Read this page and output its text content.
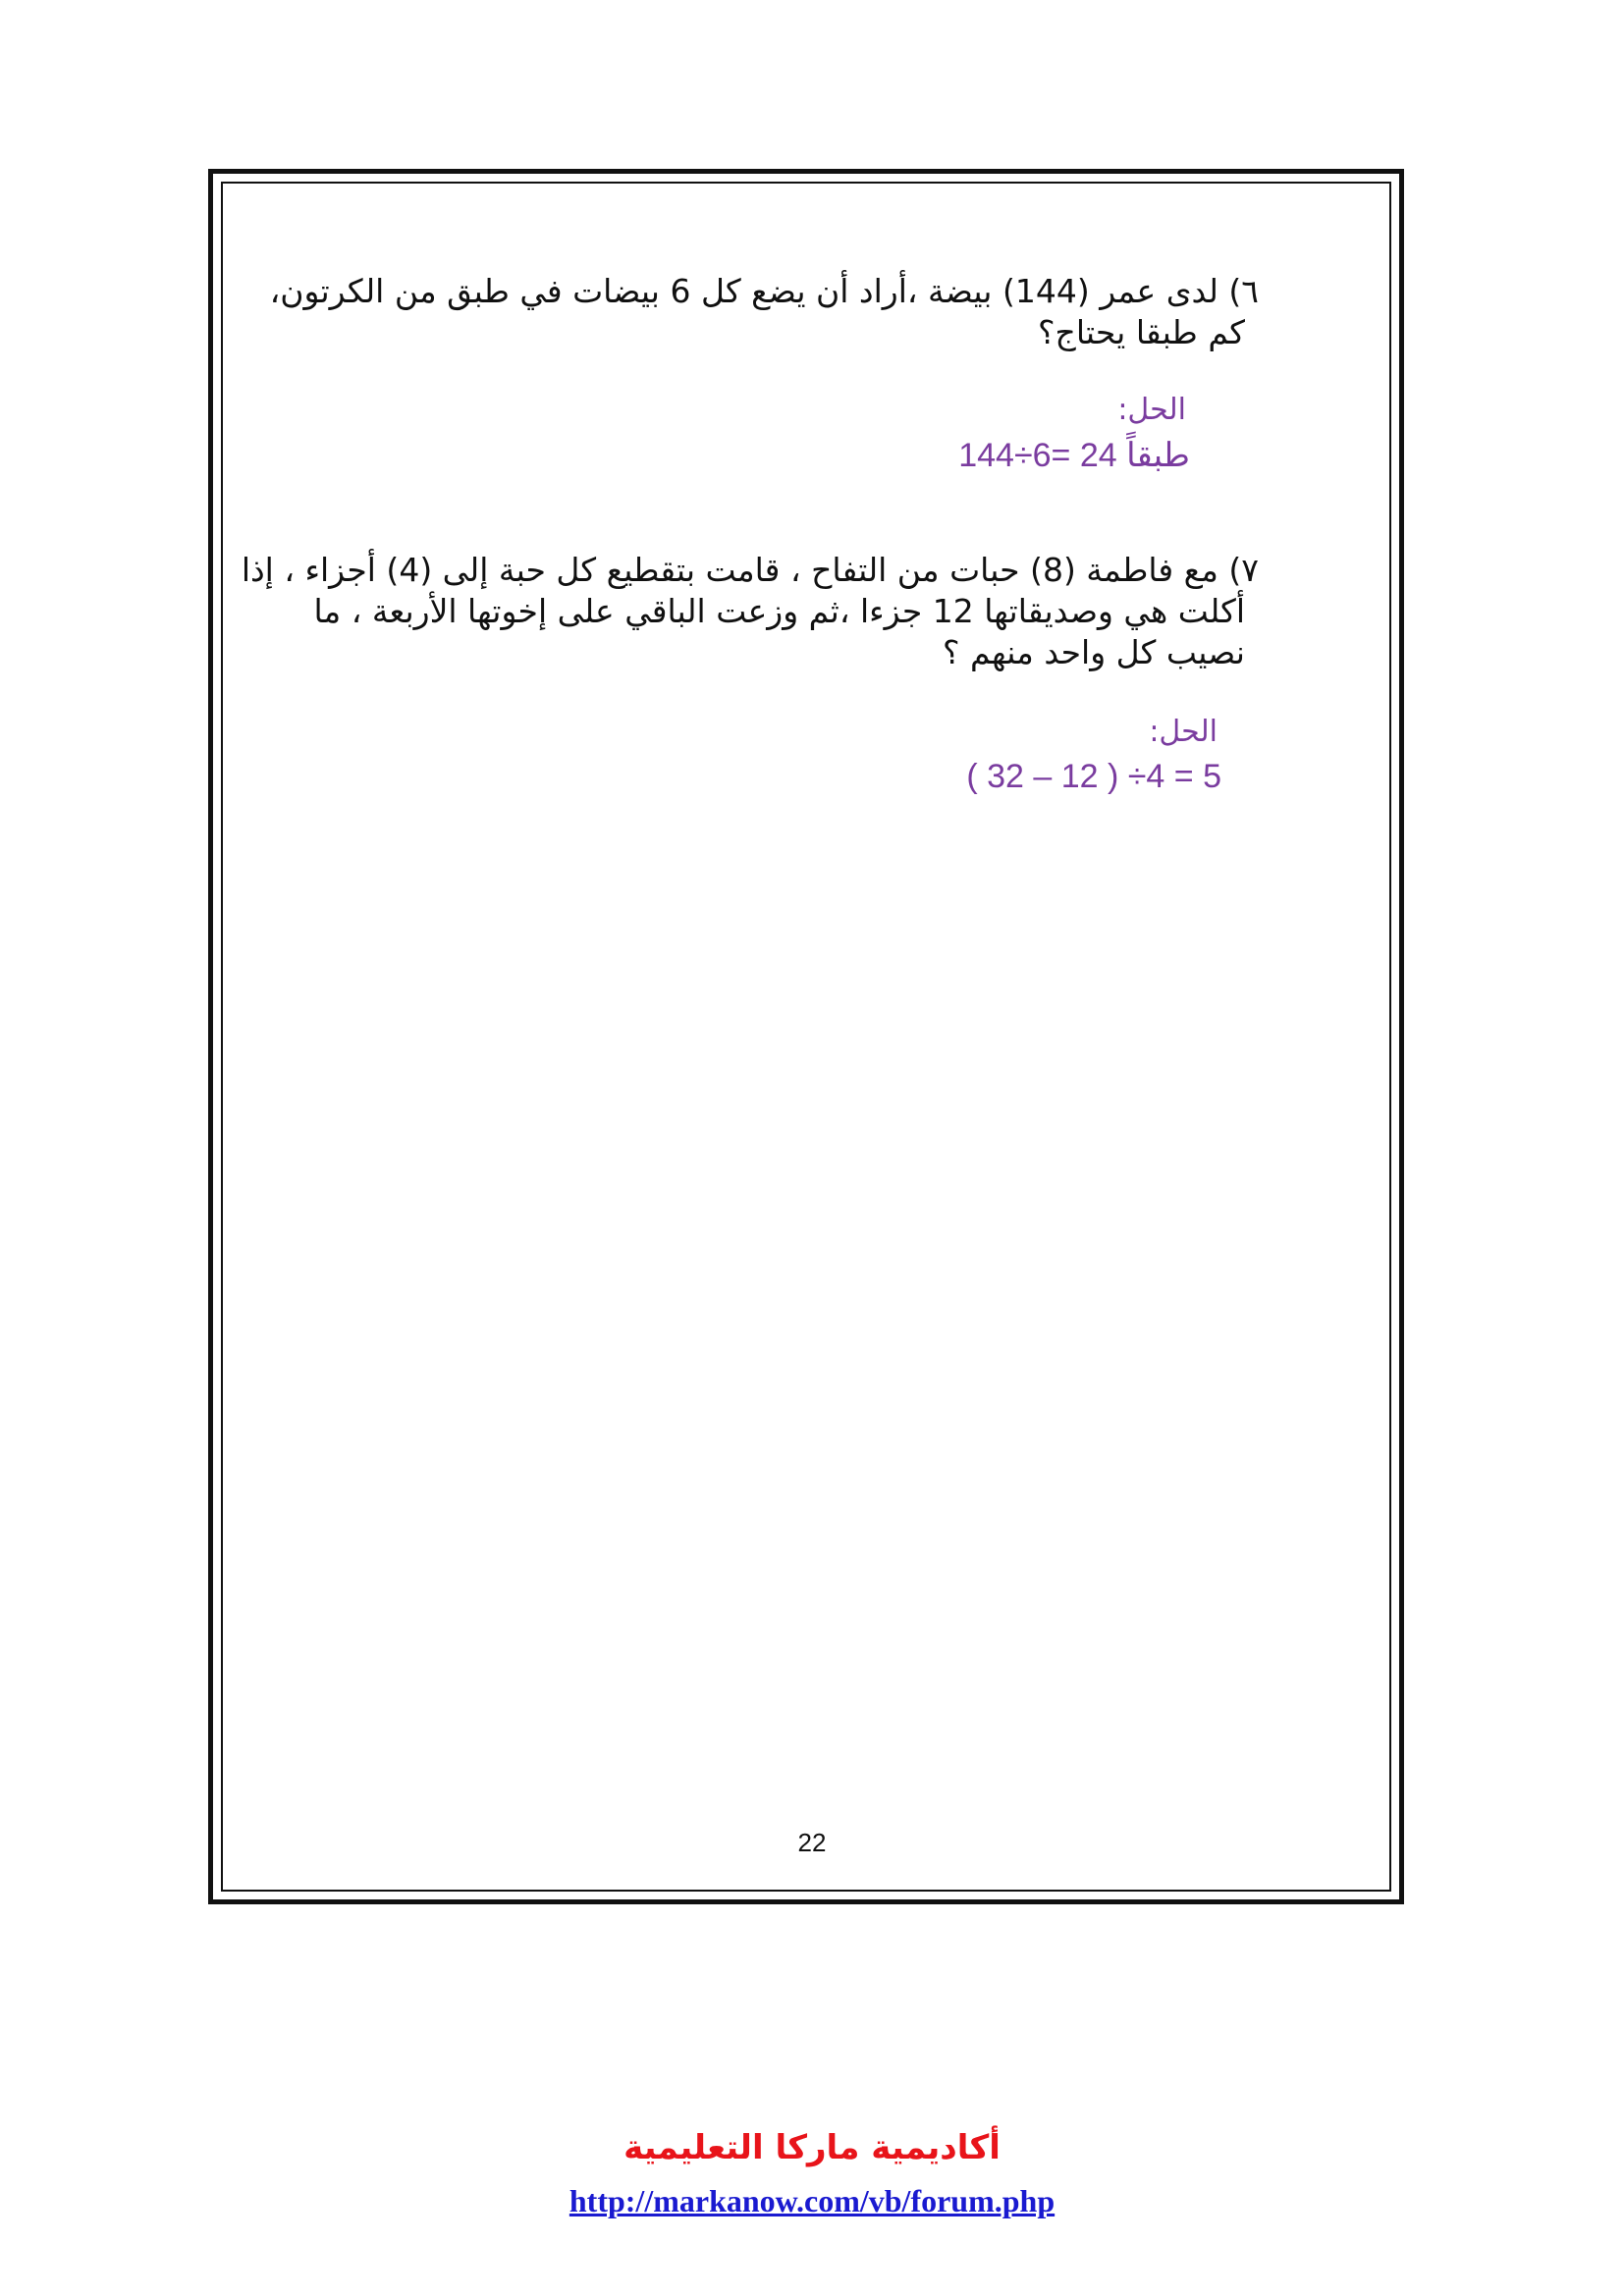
٦) لدى عمر (144) بيضة ،أراد أن يضع كل 6 بيضات في طبق من الكرتون،
كم طبقا يحتاج؟
الحل:
144÷6= 24 طبقاً
٧) مع فاطمة (8) حبات من التفاح ، قامت بتقطيع كل حبة إلى (4) أجزاء ، إذا
أكلت هي وصديقاتها 12 جزءا ،ثم وزعت الباقي على إخوتها الأربعة ، ما
نصيب كل واحد منهم ؟
الحل:
( 32 – 12 ) ÷4 = 5
22
أكاديمية ماركا التعليمية
http://markanow.com/vb/forum.php
